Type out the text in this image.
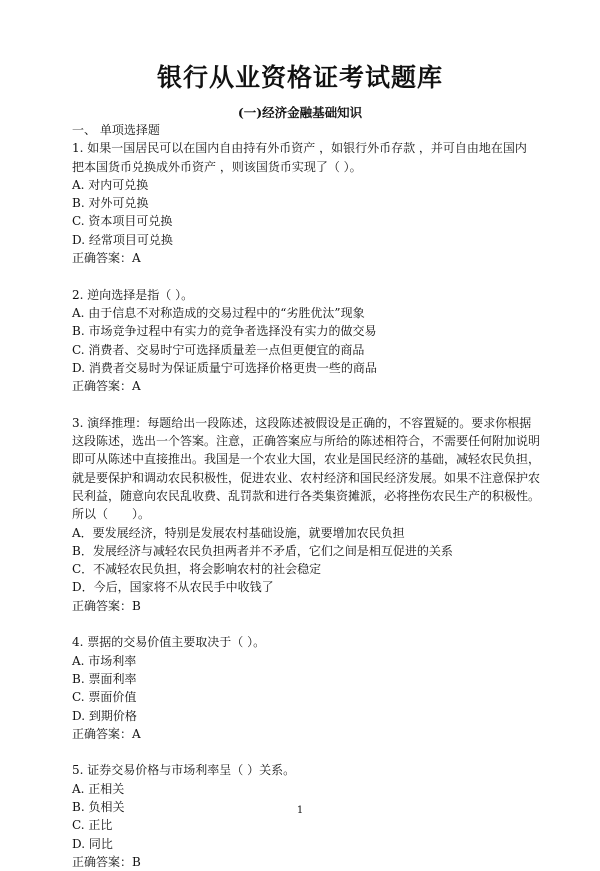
银行从业资格证考试题库
(一)经济金融基础知识

一、 单项选择题

1. 如果一国居民可以在国内自由持有外币资产 ，如银行外币存款 ，并可自由地在国内

把本国货币兑换成外币资产 ，则该国货币实现了（ ）。

A. 对内可兑换

B. 对外可兑换

C. 资本项目可兑换

D. 经常项目可兑换

正确答案：A

2. 逆向选择是指（ ）。

A. 由于信息不对称造成的交易过程中的“劣胜优汰”现象

B. 市场竞争过程中有实力的竞争者选择没有实力的做交易

C. 消费者、交易时宁可选择质量差一点但更便宜的商品

D. 消费者交易时为保证质量宁可选择价格更贵一些的商品

正确答案：A

3. 演绎推理：每题给出一段陈述，这段陈述被假设是正确的，不容置疑的。要求你根据

这段陈述，选出一个答案。注意，正确答案应与所给的陈述相符合，不需要任何附加说明

即可从陈述中直接推出。我国是一个农业大国，农业是国民经济的基础，减轻农民负担，

就是要保护和调动农民积极性，促进农业、农村经济和国民经济发展。如果不注意保护农

民利益，随意向农民乱收费、乱罚款和进行各类集资摊派，必将挫伤农民生产的积极性。

所以（　　）。

A．要发展经济，特别是发展农村基础设施，就要增加农民负担

B．发展经济与减轻农民负担两者并不矛盾，它们之间是相互促进的关系

C．不减轻农民负担，将会影响农村的社会稳定

D．今后，国家将不从农民手中收钱了

正确答案：B

4. 票据的交易价值主要取决于（ ）。

A. 市场利率

B. 票面利率

C. 票面价值

D. 到期价格

正确答案：A

5. 证券交易价格与市场利率呈（ ）关系。

A. 正相关

B. 负相关

C. 正比

D. 同比

正确答案：B

1
